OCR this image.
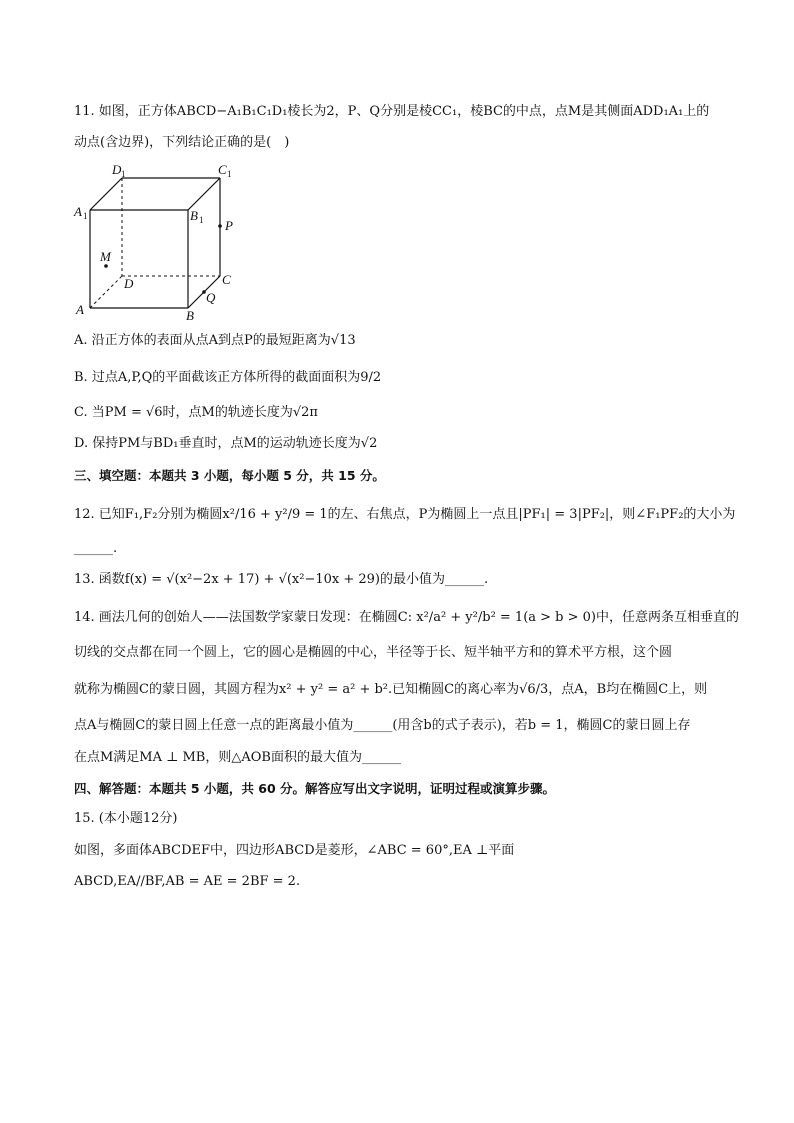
11. 如图，正方体ABCD−A₁B₁C₁D₁棱长为2，P、Q分别是棱CC₁，棱BC的中点，点M是其侧面ADD₁A₁上的
动点(含边界)，下列结论正确的是(　)
D 1	C 1
A 1	B 1 P
M
D	C
A	B
Q
A. 沿正方体的表面从点A到点P的最短距离为√13
B. 过点A,P,Q的平面截该正方体所得的截面面积为9/2
C. 当PM = √6时，点M的轨迹长度为√2π
D. 保持PM与BD₁垂直时，点M的运动轨迹长度为√2
三、填空题：本题共 3 小题，每小题 5 分，共 15 分。
12. 已知F₁,F₂分别为椭圆x²/16 + y²/9 = 1的左、右焦点，P为椭圆上一点且|PF₁| = 3|PF₂|，则∠F₁PF₂的大小为
______.
13. 函数f(x) = √(x²−2x + 17) + √(x²−10x + 29)的最小值为______.
14. 画法几何的创始人——法国数学家蒙日发现：在椭圆C: x²/a² + y²/b² = 1(a > b > 0)中，任意两条互相垂直的
切线的交点都在同一个圆上，它的圆心是椭圆的中心，半径等于长、短半轴平方和的算术平方根，这个圆
就称为椭圆C的蒙日圆，其圆方程为x² + y² = a² + b².已知椭圆C的离心率为√6/3，点A，B均在椭圆C上，则
点A与椭圆C的蒙日圆上任意一点的距离最小值为______(用含b的式子表示)，若b = 1，椭圆C的蒙日圆上存
在点M满足MA ⊥ MB，则△AOB面积的最大值为______
四、解答题：本题共 5 小题，共 60 分。解答应写出文字说明，证明过程或演算步骤。
15. (本小题12分)
如图，多面体ABCDEF中，四边形ABCD是菱形，∠ABC = 60°,EA ⊥平面
ABCD,EA//BF,AB = AE = 2BF = 2.
